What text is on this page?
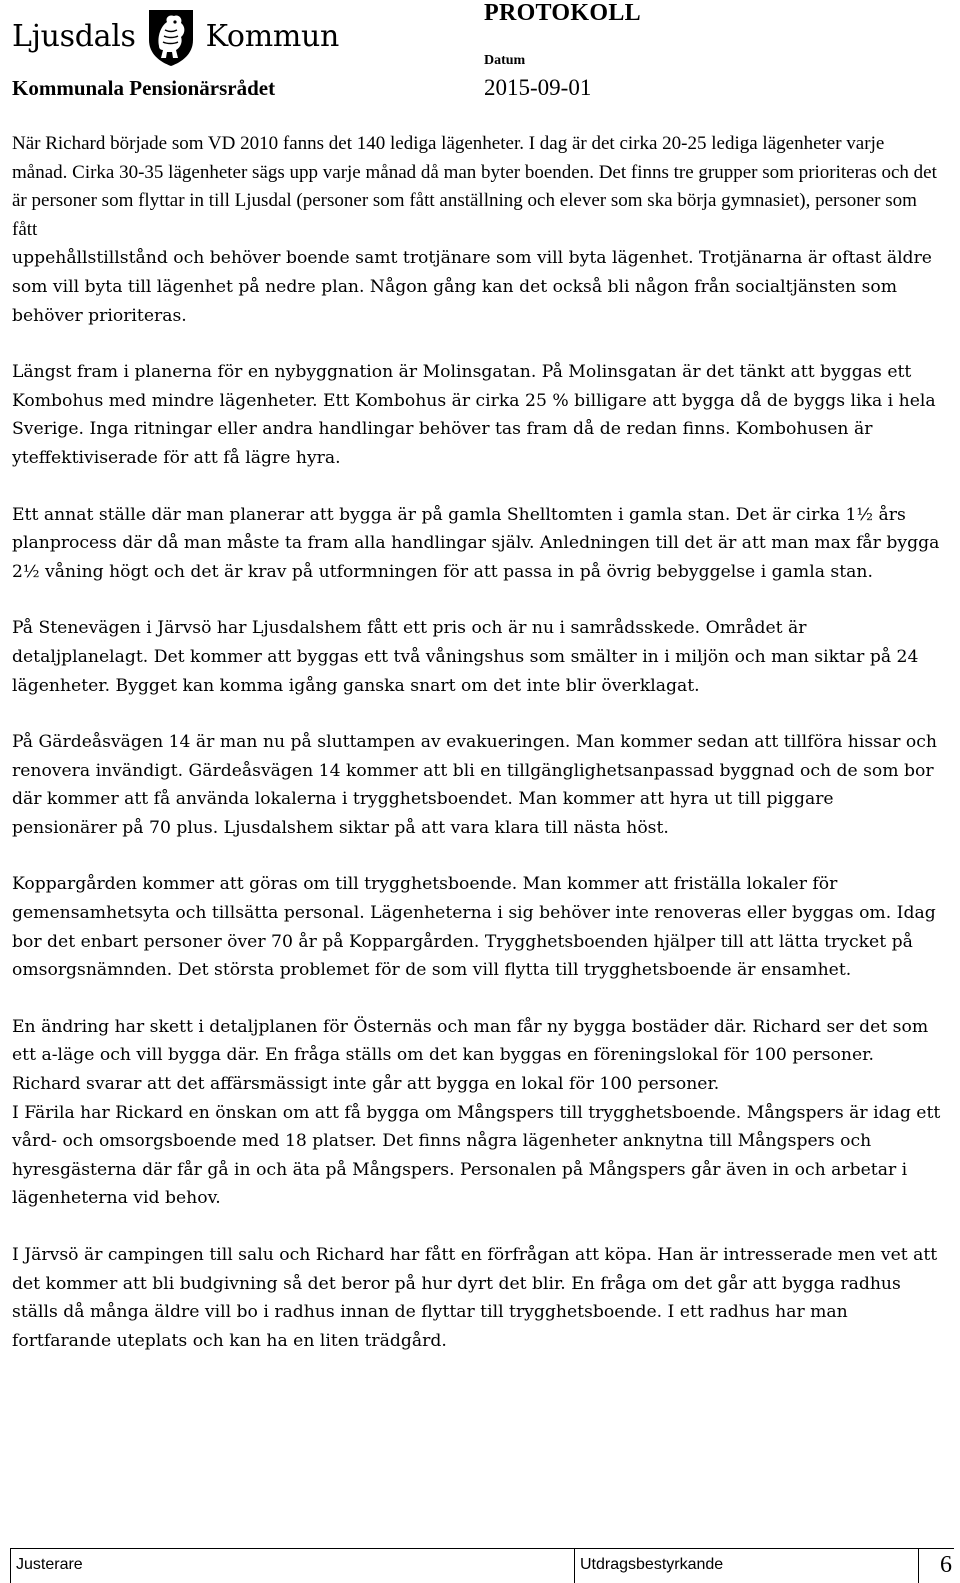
Ljusdals Kommun
Kommunala Pensionärsrådet
PROTOKOLL
Datum
2015-09-01

När Richard började som VD 2010 fanns det 140 lediga lägenheter. I dag är det cirka 20-25 lediga lägenheter varje månad. Cirka 30-35 lägenheter sägs upp varje månad då man byter boenden. Det finns tre grupper som prioriteras och det är personer som flyttar in till Ljusdal (personer som fått anställning och elever som ska börja gymnasiet), personer som fått

uppehållstillstånd och behöver boende samt trotjänare som vill byta lägenhet. Trotjänarna är oftast äldre som vill byta till lägenhet på nedre plan. Någon gång kan det också bli någon från socialtjänsten som behöver prioriteras.

Längst fram i planerna för en nybyggnation är Molinsgatan. På Molinsgatan är det tänkt att byggas ett Kombohus med mindre lägenheter. Ett Kombohus är cirka 25 % billigare att bygga då de byggs lika i hela Sverige. Inga ritningar eller andra handlingar behöver tas fram då de redan finns. Kombohusen är yteffektiviserade för att få lägre hyra.

Ett annat ställe där man planerar att bygga är på gamla Shelltomten i gamla stan. Det är cirka 1½ års planprocess där då man måste ta fram alla handlingar själv. Anledningen till det är att man max får bygga 2½ våning högt och det är krav på utformningen för att passa in på övrig bebyggelse i gamla stan.

På Stenevägen i Järvsö har Ljusdalshem fått ett pris och är nu i samrådsskede. Området är detaljplanelagt. Det kommer att byggas ett två våningshus som smälter in i miljön och man siktar på 24 lägenheter. Bygget kan komma igång ganska snart om det inte blir överklagat.

På Gärdeåsvägen 14 är man nu på sluttampen av evakueringen. Man kommer sedan att tillföra hissar och renovera invändigt. Gärdeåsvägen 14 kommer att bli en tillgänglighetsanpassad byggnad och de som bor där kommer att få använda lokalerna i trygghetsboendet. Man kommer att hyra ut till piggare pensionärer på 70 plus. Ljusdalshem siktar på att vara klara till nästa höst.

Koppargården kommer att göras om till trygghetsboende. Man kommer att friställa lokaler för gemensamhetsyta och tillsätta personal. Lägenheterna i sig behöver inte renoveras eller byggas om. Idag bor det enbart personer över 70 år på Koppargården. Trygghetsboenden hjälper till att lätta trycket på omsorgsnämnden. Det största problemet för de som vill flytta till trygghetsboende är ensamhet.

En ändring har skett i detaljplanen för Östernäs och man får ny bygga bostäder där. Richard ser det som ett a-läge och vill bygga där. En fråga ställs om det kan byggas en föreningslokal för 100 personer. Richard svarar att det affärsmässigt inte går att bygga en lokal för 100 personer.

I Färila har Rickard en önskan om att få bygga om Mångspers till trygghetsboende. Mångspers är idag ett vård- och omsorgsboende med 18 platser. Det finns några lägenheter anknytna till Mångspers och hyresgästerna där får gå in och äta på Mångspers. Personalen på Mångspers går även in och arbetar i lägenheterna vid behov.

I Järvsö är campingen till salu och Richard har fått en förfrågan att köpa. Han är intresserade men vet att det kommer att bli budgivning så det beror på hur dyrt det blir. En fråga om det går att bygga radhus ställs då många äldre vill bo i radhus innan de flyttar till trygghetsboende. I ett radhus har man fortfarande uteplats och kan ha en liten trädgård.

Justerare	Utdragsbestyrkande	6
